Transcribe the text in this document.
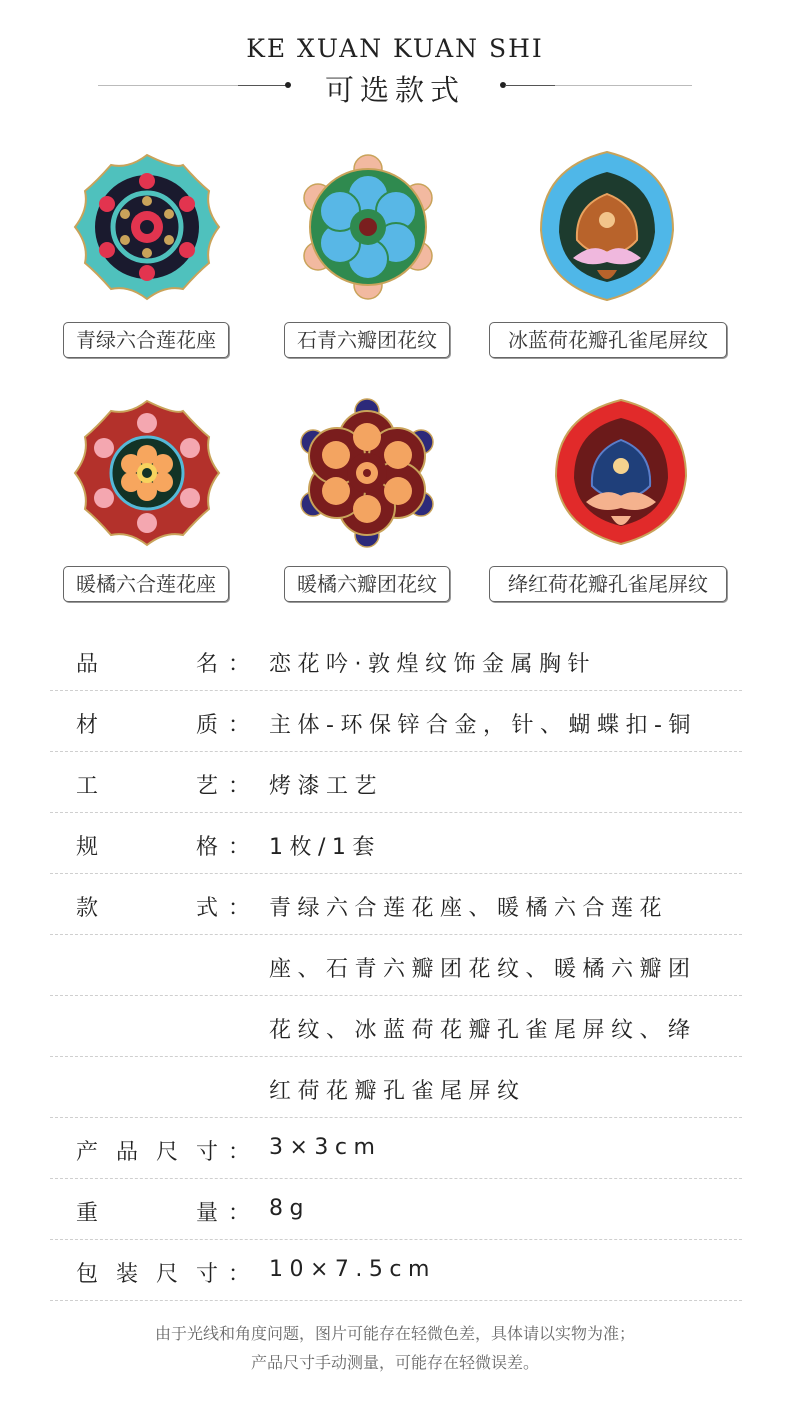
KE XUAN KUAN SHI
可选款式
青绿六合莲花座	石青六瓣团花纹	冰蓝荷花瓣孔雀尾屏纹
暖橘六合莲花座	暖橘六瓣团花纹	绛红荷花瓣孔雀尾屏纹
品	名 ： 恋花吟·敦煌纹饰金属胸针
材	质 ： 主体-环保锌合金，针、蝴蝶扣-铜
工	艺 ： 烤漆工艺
规	格 ： 1枚/1套
款	式 ： 青绿六合莲花座、暖橘六合莲花
座、石青六瓣团花纹、暖橘六瓣团
花纹、冰蓝荷花瓣孔雀尾屏纹、绛
红荷花瓣孔雀尾屏纹
产 品 尺 寸 ： 3×3cm
重	量 ： 8g
包 装 尺 寸 ： 10×7.5cm
由于光线和角度问题，图片可能存在轻微色差，具体请以实物为准；
产品尺寸手动测量，可能存在轻微误差。
